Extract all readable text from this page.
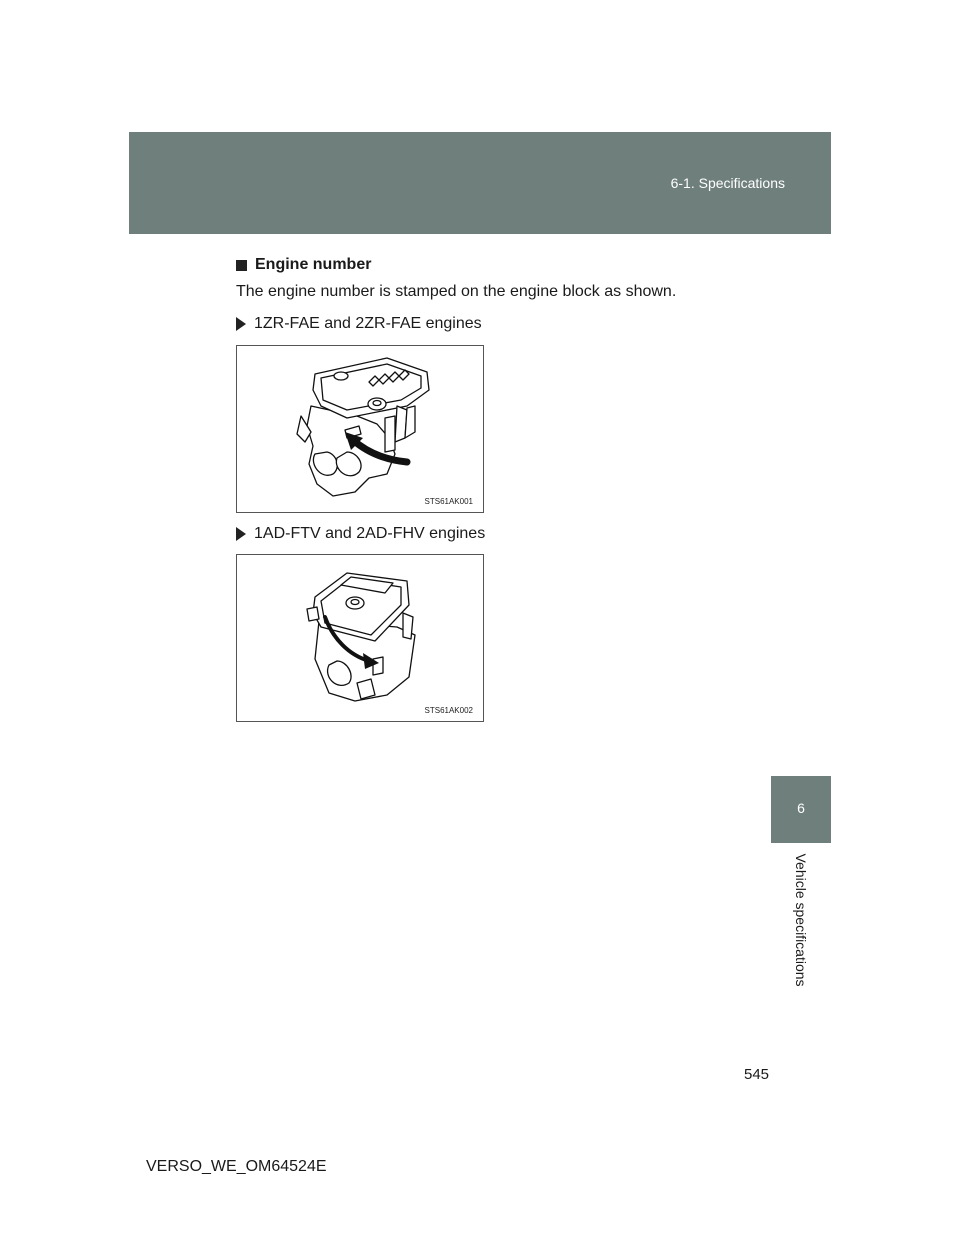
6-1. Specifications
6
Vehicle specifications
Engine number
The engine number is stamped on the engine block as shown.
1ZR-FAE and 2ZR-FAE engines
STS61AK001
1AD-FTV and 2AD-FHV engines
STS61AK002
545
VERSO_WE_OM64524E
